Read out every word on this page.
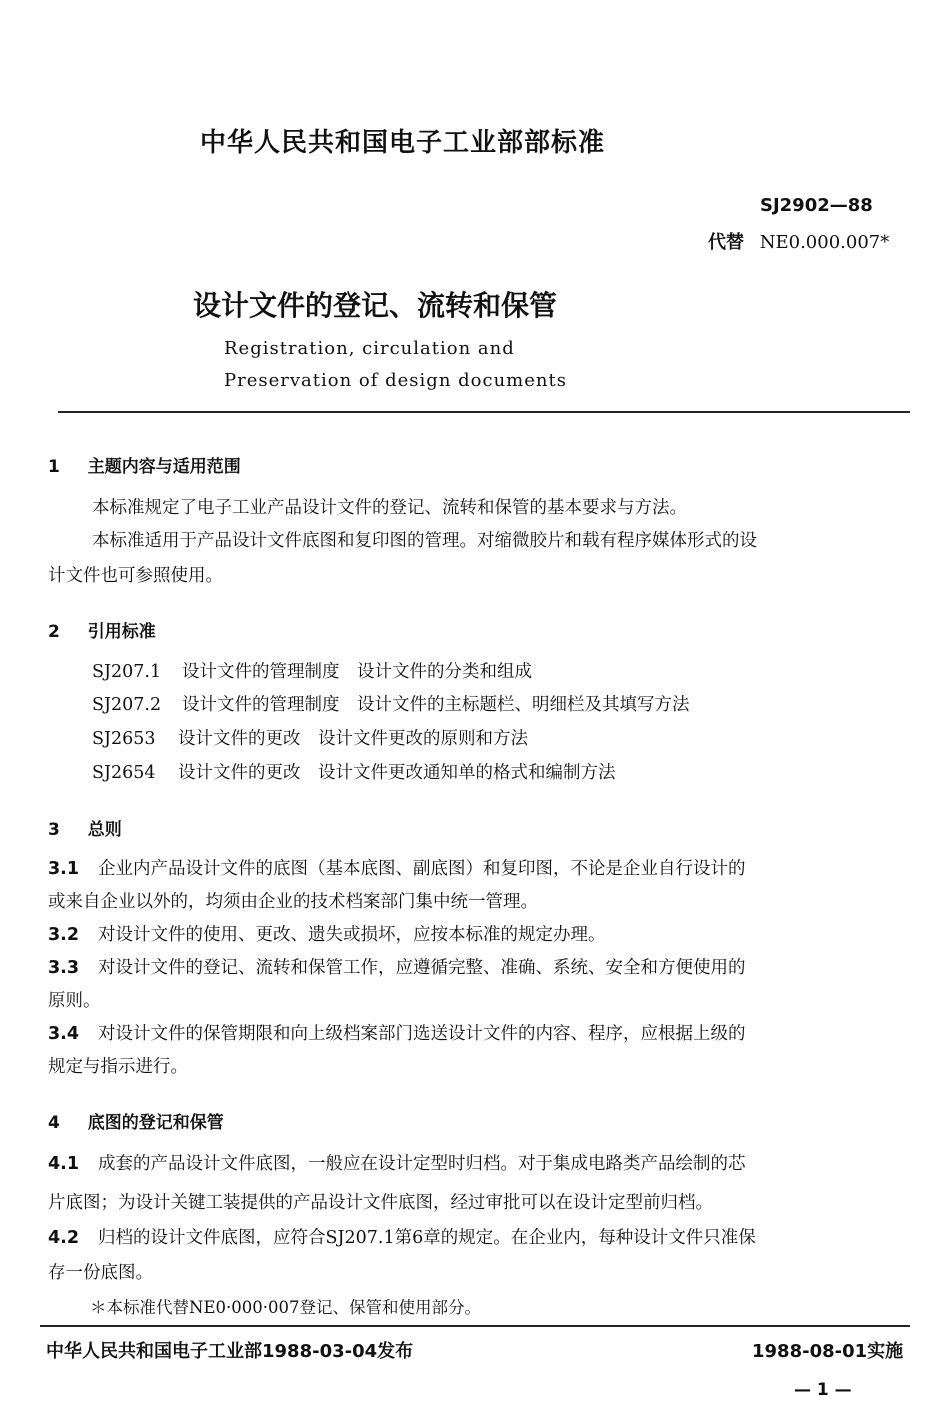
中华人民共和国电子工业部部标准
SJ2902—88
代替 NE0.000.007*
设计文件的登记、流转和保管
Registration, circulation and
Preservation of design documents
1 主题内容与适用范围
本标准规定了电子工业产品设计文件的登记、流转和保管的基本要求与方法。
本标准适用于产品设计文件底图和复印图的管理。对缩微胶片和载有程序媒体形式的设
计文件也可参照使用。
2 引用标准
SJ207.1 设计文件的管理制度　设计文件的分类和组成
SJ207.2 设计文件的管理制度　设计文件的主标题栏、明细栏及其填写方法
SJ2653 设计文件的更改　设计文件更改的原则和方法
SJ2654 设计文件的更改　设计文件更改通知单的格式和编制方法
3 总则
3.1 企业内产品设计文件的底图（基本底图、副底图）和复印图，不论是企业自行设计的
或来自企业以外的，均须由企业的技术档案部门集中统一管理。
3.2 对设计文件的使用、更改、遗失或损坏，应按本标准的规定办理。
3.3 对设计文件的登记、流转和保管工作，应遵循完整、准确、系统、安全和方便使用的
原则。
3.4 对设计文件的保管期限和向上级档案部门选送设计文件的内容、程序，应根据上级的
规定与指示进行。
4 底图的登记和保管
4.1 成套的产品设计文件底图，一般应在设计定型时归档。对于集成电路类产品绘制的芯
片底图；为设计关键工装提供的产品设计文件底图，经过审批可以在设计定型前归档。
4.2 归档的设计文件底图，应符合SJ207.1第6章的规定。在企业内，每种设计文件只准保
存一份底图。
＊本标准代替NE0·000·007登记、保管和使用部分。
中华人民共和国电子工业部1988-03-04发布	1988-08-01实施
— 1 —
